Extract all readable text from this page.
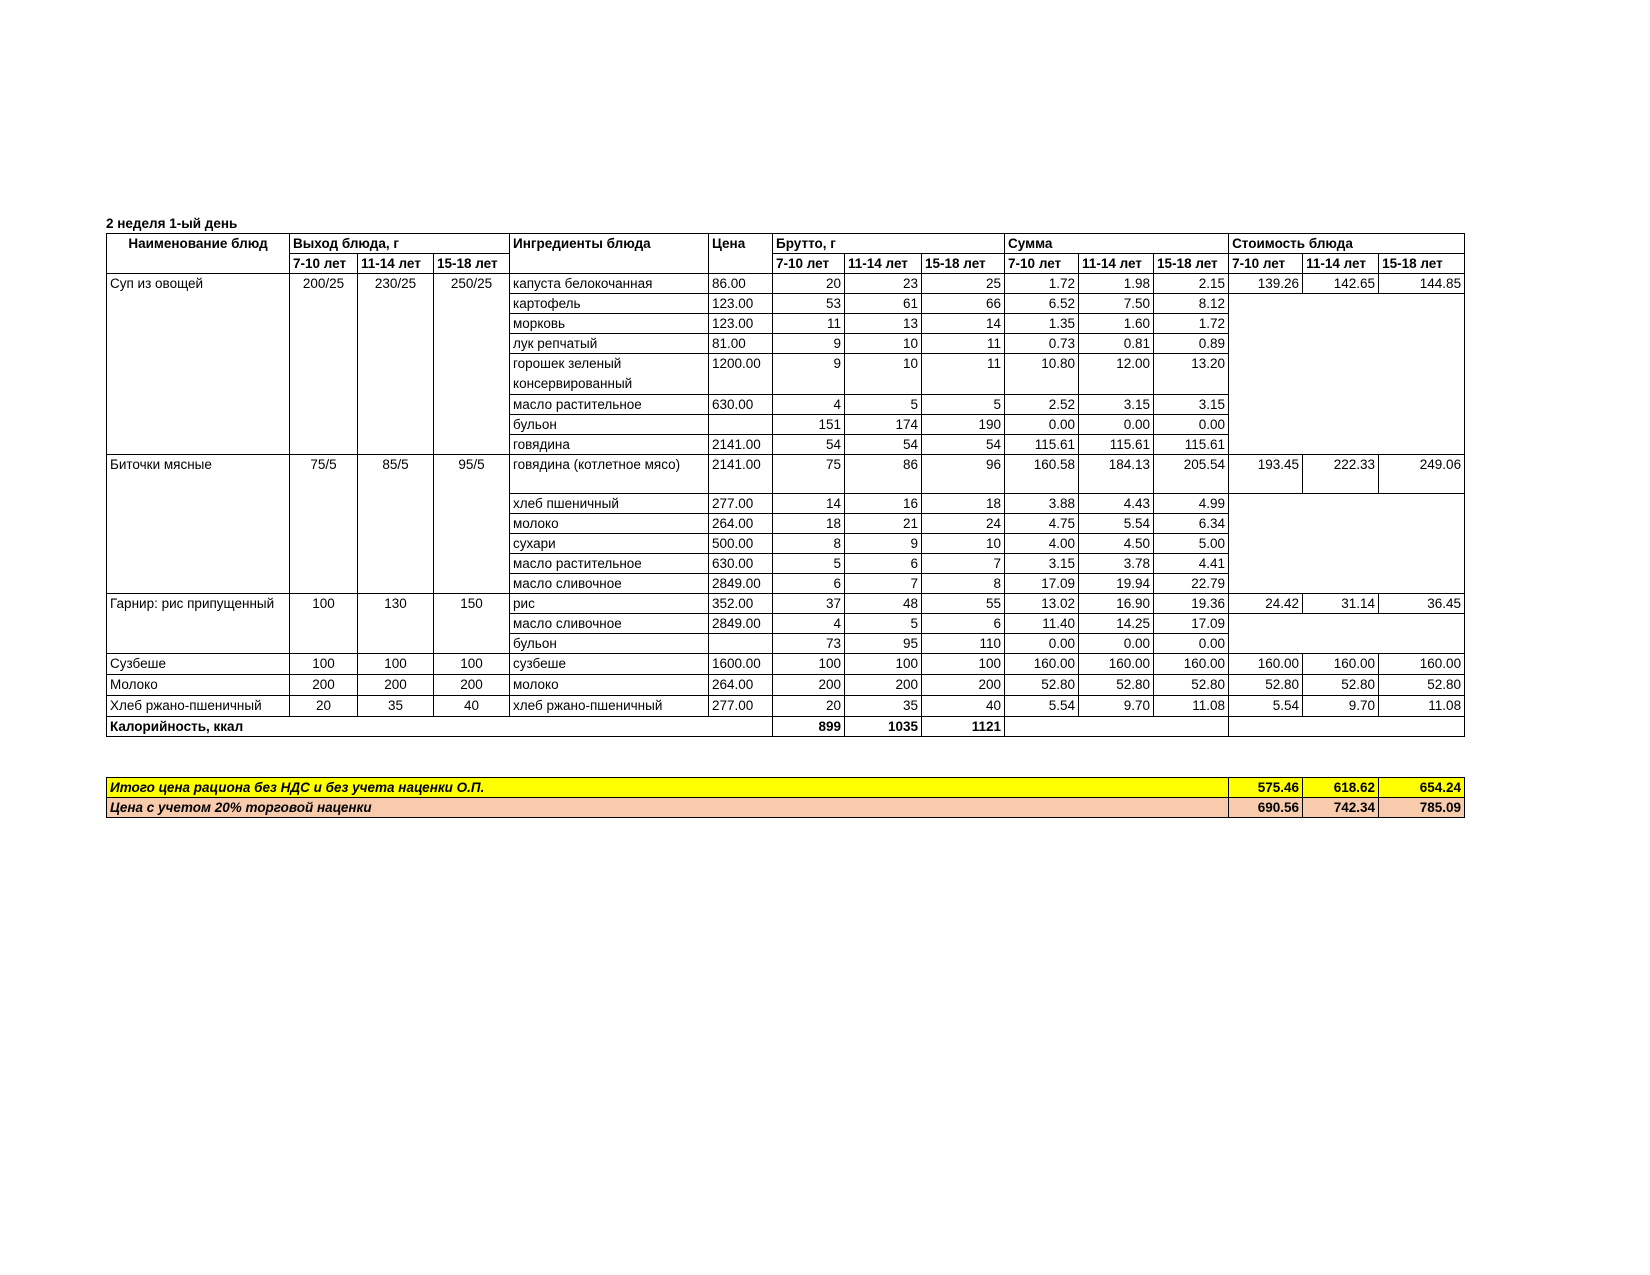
2 неделя 1-ый день
Наименование блюд	Выход блюда, г			Ингредиенты блюда	Цена	Брутто, г			Сумма			Стоимость блюда		
	7-10 лет	11-14 лет	15-18 лет			7-10 лет	11-14 лет	15-18 лет	7-10 лет	11-14 лет	15-18 лет	7-10 лет	11-14 лет	15-18 лет
Суп из овощей	200/25	230/25	250/25	капуста белокочанная	86.00	20	23	25	1.72	1.98	2.15	139.26	142.65	144.85
				картофель	123.00	53	61	66	6.52	7.50	8.12			
				морковь	123.00	11	13	14	1.35	1.60	1.72			
				лук репчатый	81.00	9	10	11	0.73	0.81	0.89			
				горошек зеленый консервированный	1200.00	9	10	11	10.80	12.00	13.20			
				масло растительное	630.00	4	5	5	2.52	3.15	3.15			
				бульон		151	174	190	0.00	0.00	0.00			
				говядина	2141.00	54	54	54	115.61	115.61	115.61			
Биточки мясные	75/5	85/5	95/5	говядина (котлетное мясо)	2141.00	75	86	96	160.58	184.13	205.54	193.45	222.33	249.06
				хлеб пшеничный	277.00	14	16	18	3.88	4.43	4.99			
				молоко	264.00	18	21	24	4.75	5.54	6.34			
				сухари	500.00	8	9	10	4.00	4.50	5.00			
				масло растительное	630.00	5	6	7	3.15	3.78	4.41			
				масло сливочное	2849.00	6	7	8	17.09	19.94	22.79			
Гарнир: рис припущенный	100	130	150	рис	352.00	37	48	55	13.02	16.90	19.36	24.42	31.14	36.45
				масло сливочное	2849.00	4	5	6	11.40	14.25	17.09			
				бульон		73	95	110	0.00	0.00	0.00			
Сузбеше	100	100	100	сузбеше	1600.00	100	100	100	160.00	160.00	160.00	160.00	160.00	160.00
Молоко	200	200	200	молоко	264.00	200	200	200	52.80	52.80	52.80	52.80	52.80	52.80
Хлеб ржано-пшеничный	20	35	40	хлеб ржано-пшеничный	277.00	20	35	40	5.54	9.70	11.08	5.54	9.70	11.08
Калорийность, ккал						899	1035	1121						
Итого цена рациона без НДС и без учета наценки О.П.	575.46	618.62	654.24
Цена с учетом 20% торговой наценки	690.56	742.34	785.09
